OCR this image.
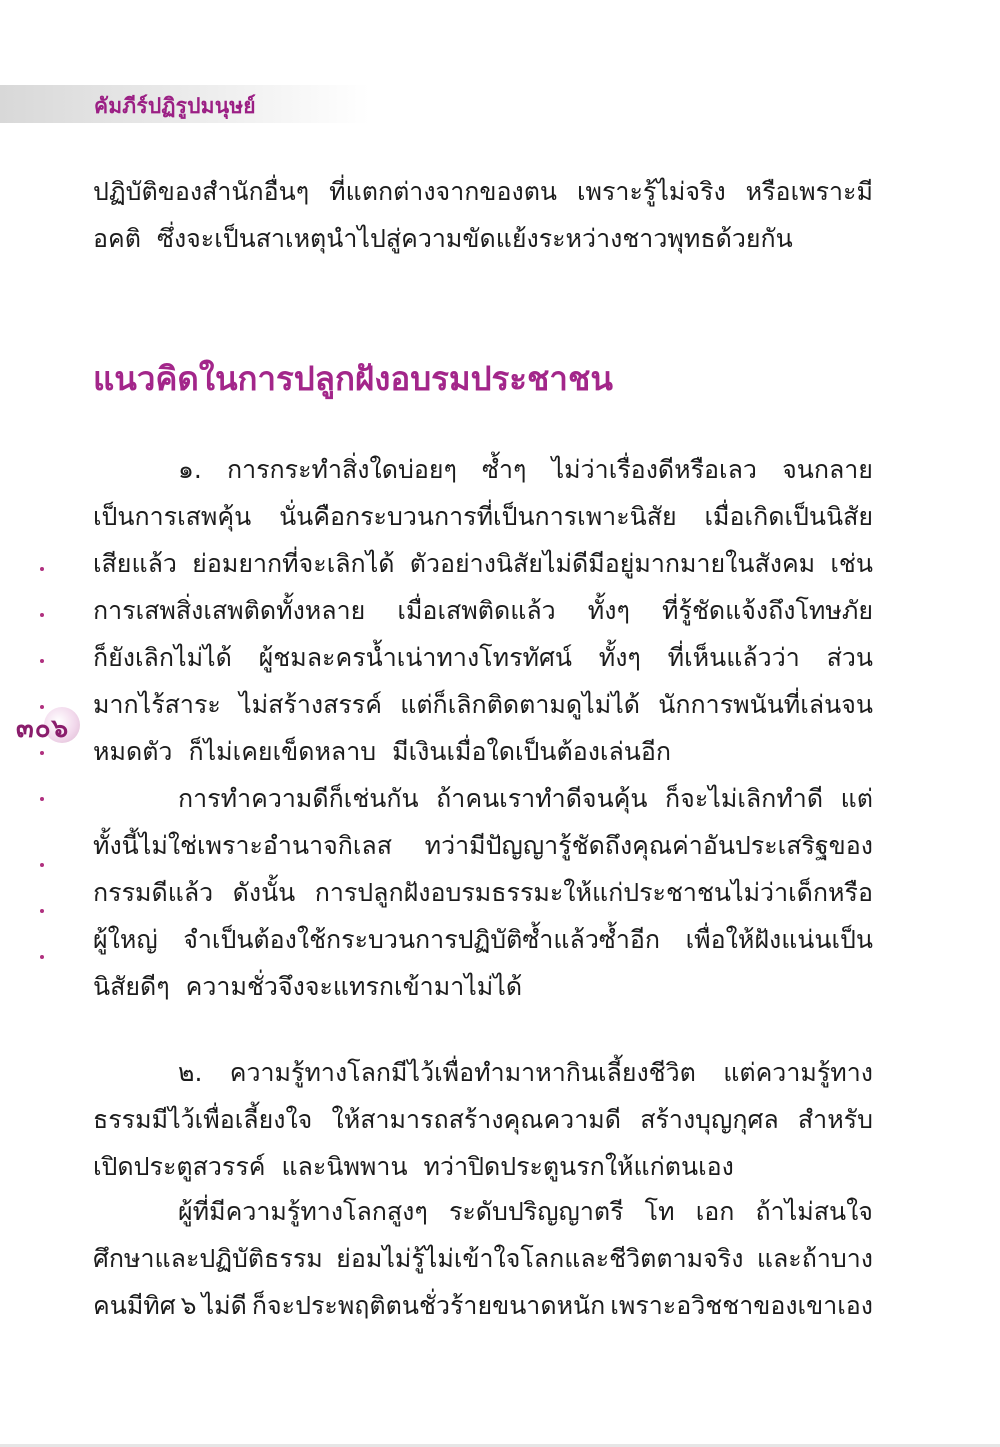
คัมภีร์ปฏิรูปมนุษย์
ปฏิบัติของสำนักอื่นๆ ที่แตกต่างจากของตน เพราะรู้ไม่จริง หรือเพราะมี
อคติ ซึ่งจะเป็นสาเหตุนำไปสู่ความขัดแย้งระหว่างชาวพุทธด้วยกัน
แนวคิดในการปลูกฝังอบรมประชาชน
๑. การกระทำสิ่งใดบ่อยๆ ซ้ำๆ ไม่ว่าเรื่องดีหรือเลว จนกลาย
เป็นการเสพคุ้น นั่นคือกระบวนการที่เป็นการเพาะนิสัย เมื่อเกิดเป็นนิสัย
เสียแล้ว ย่อมยากที่จะเลิกได้ ตัวอย่างนิสัยไม่ดีมีอยู่มากมายในสังคม เช่น
การเสพสิ่งเสพติดทั้งหลาย เมื่อเสพติดแล้ว ทั้งๆ ที่รู้ชัดแจ้งถึงโทษภัย
ก็ยังเลิกไม่ได้ ผู้ชมละครน้ำเน่าทางโทรทัศน์ ทั้งๆ ที่เห็นแล้วว่า ส่วน
มากไร้สาระ ไม่สร้างสรรค์ แต่ก็เลิกติดตามดูไม่ได้ นักการพนันที่เล่นจน
หมดตัว ก็ไม่เคยเข็ดหลาบ มีเงินเมื่อใดเป็นต้องเล่นอีก
การทำความดีก็เช่นกัน ถ้าคนเราทำดีจนคุ้น ก็จะไม่เลิกทำดี แต่
ทั้งนี้ไม่ใช่เพราะอำนาจกิเลส ทว่ามีปัญญารู้ชัดถึงคุณค่าอันประเสริฐของ
กรรมดีแล้ว ดังนั้น การปลูกฝังอบรมธรรมะให้แก่ประชาชนไม่ว่าเด็กหรือ
ผู้ใหญ่ จำเป็นต้องใช้กระบวนการปฏิบัติซ้ำแล้วซ้ำอีก เพื่อให้ฝังแน่นเป็น
นิสัยดีๆ ความชั่วจึงจะแทรกเข้ามาไม่ได้
๒. ความรู้ทางโลกมีไว้เพื่อทำมาหากินเลี้ยงชีวิต แต่ความรู้ทาง
ธรรมมีไว้เพื่อเลี้ยงใจ ให้สามารถสร้างคุณความดี สร้างบุญกุศล สำหรับ
เปิดประตูสวรรค์ และนิพพาน ทว่าปิดประตูนรกให้แก่ตนเอง
ผู้ที่มีความรู้ทางโลกสูงๆ ระดับปริญญาตรี โท เอก ถ้าไม่สนใจ
ศึกษาและปฏิบัติธรรม ย่อมไม่รู้ไม่เข้าใจโลกและชีวิตตามจริง และถ้าบาง
คนมีทิศ ๖ ไม่ดี ก็จะประพฤติตนชั่วร้ายขนาดหนัก เพราะอวิชชาของเขาเอง
๓๐๖
